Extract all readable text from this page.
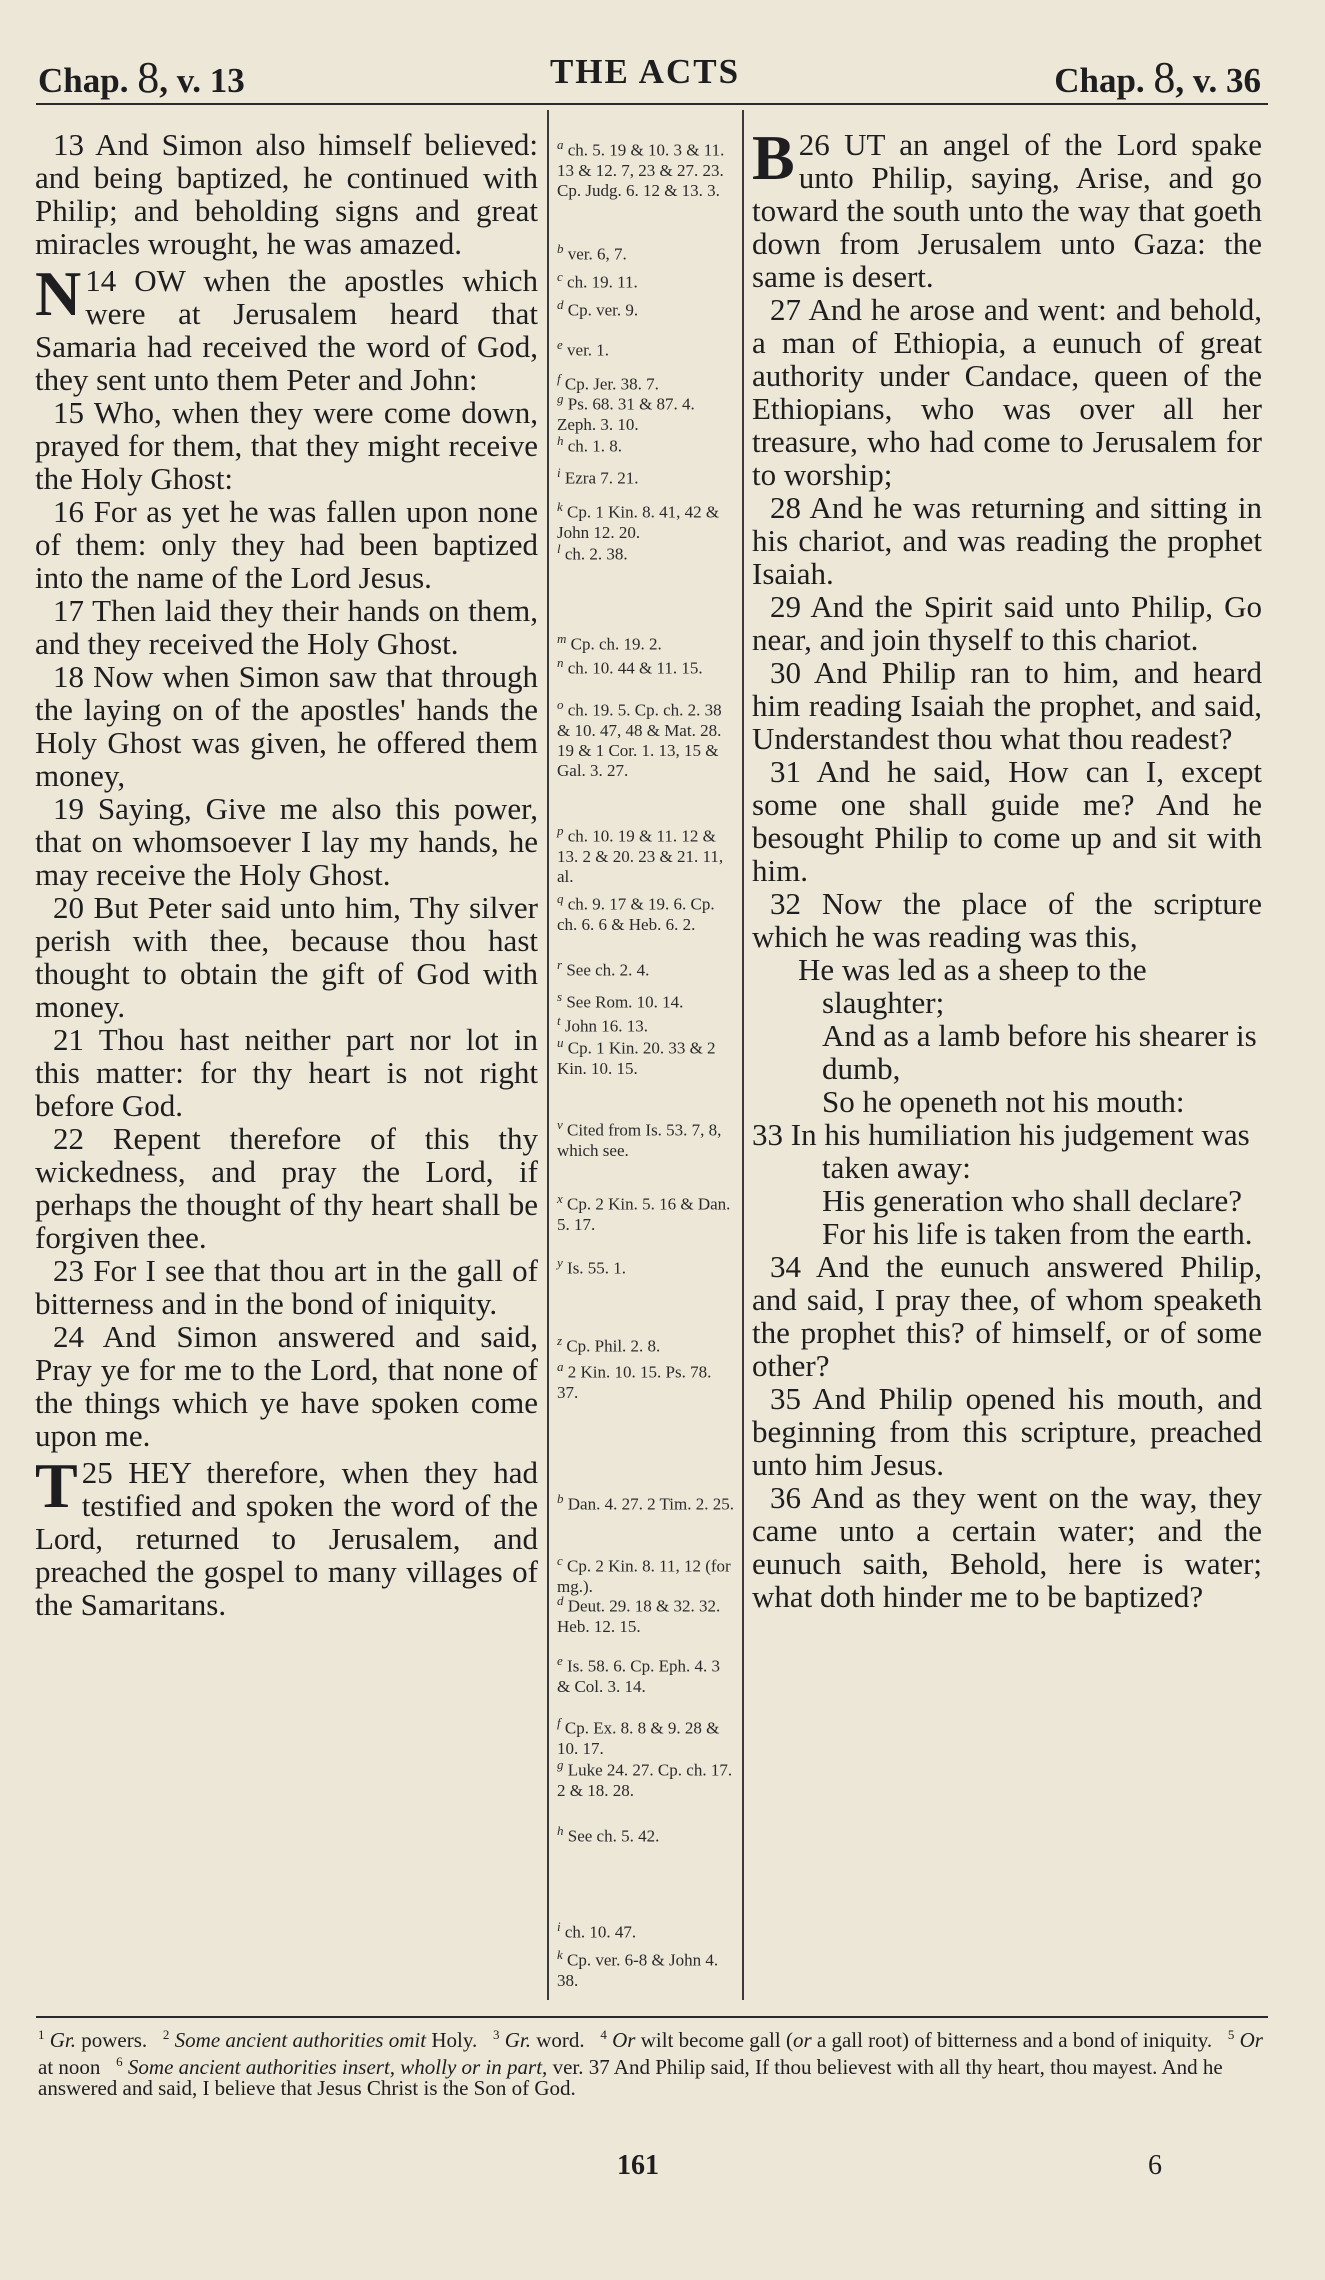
Chap. 8, v. 13	THE ACTS	Chap. 8, v. 36

13 And Simon also himself believed: and being baptized, he continued with Philip; and beholding signs and great miracles wrought, he was amazed.

14
N OW when the apostles which were at Jerusalem heard that Samaria had received the word of God, they sent unto them Peter and John:

15 Who, when they were come down, prayed for them, that they might receive the Holy Ghost:

16 For as yet he was fallen upon none of them: only they had been baptized into the name of the Lord Jesus.

17 Then laid they their hands on them, and they received the Holy Ghost.

18 Now when Simon saw that through the laying on of the apostles' hands the Holy Ghost was given, he offered them money,

19 Saying, Give me also this power, that on whomsoever I lay my hands, he may receive the Holy Ghost.

20 But Peter said unto him, Thy silver perish with thee, because thou hast thought to obtain the gift of God with money.

21 Thou hast neither part nor lot in this matter: for thy heart is not right before God.

22 Repent therefore of this thy wickedness, and pray the Lord, if perhaps the thought of thy heart shall be forgiven thee.

23 For I see that thou art in the gall of bitterness and in the bond of iniquity.

24 And Simon answered and said, Pray ye for me to the Lord, that none of the things which ye have spoken come upon me.

25
T HEY therefore, when they had testified and spoken the word of the Lord, returned to Jerusalem, and preached the gospel to many villages of the Samaritans.

$^a$ ch. 5. 19 & 10. 3 & 11. 13 & 12. 7, 23 & 27. 23. Cp. Judg. 6. 12 & 13. 3.
$^b$ ver. 6, 7.
$^c$ ch. 19. 11.
$^d$ Cp. ver. 9.
$^e$ ver. 1.
$^f$ Cp. Jer. 38. 7.
$^g$ Ps. 68. 31 & 87. 4. Zeph. 3. 10.
$^h$ ch. 1. 8.
$^i$ Ezra 7. 21.
$^k$ Cp. 1 Kin. 8. 41, 42 & John 12. 20.
$^l$ ch. 2. 38.
$^m$ Cp. ch. 19. 2.
$^n$ ch. 10. 44 & 11. 15.
$^o$ ch. 19. 5. Cp. ch. 2. 38 & 10. 47, 48 & Mat. 28. 19 & 1 Cor. 1. 13, 15 & Gal. 3. 27.
$^p$ ch. 10. 19 & 11. 12 & 13. 2 & 20. 23 & 21. 11, al.
$^q$ ch. 9. 17 & 19. 6. Cp. ch. 6. 6 & Heb. 6. 2.
$^r$ See ch. 2. 4.
$^s$ See Rom. 10. 14.
$^t$ John 16. 13.
$^u$ Cp. 1 Kin. 20. 33 & 2 Kin. 10. 15.
$^v$ Cited from Is. 53. 7, 8, which see.
$^x$ Cp. 2 Kin. 5. 16 & Dan. 5. 17.
$^y$ Is. 55. 1.
$^z$ Cp. Phil. 2. 8.
$^a$ 2 Kin. 10. 15. Ps. 78. 37.
$^b$ Dan. 4. 27. 2 Tim. 2. 25.
$^c$ Cp. 2 Kin. 8. 11, 12 (for mg.).
$^d$ Deut. 29. 18 & 32. 32. Heb. 12. 15.
$^e$ Is. 58. 6. Cp. Eph. 4. 3 & Col. 3. 14.
$^f$ Cp. Ex. 8. 8 & 9. 28 & 10. 17.
$^g$ Luke 24. 27. Cp. ch. 17. 2 & 18. 28.
$^h$ See ch. 5. 42.
$^i$ ch. 10. 47.
$^k$ Cp. ver. 6-8 & John 4. 38.

26
B UT an angel of the Lord spake unto Philip, saying, Arise, and go toward the south unto the way that goeth down from Jerusalem unto Gaza: the same is desert.

27 And he arose and went: and behold, a man of Ethiopia, a eunuch of great authority under Candace, queen of the Ethiopians, who was over all her treasure, who had come to Jerusalem for to worship;

28 And he was returning and sitting in his chariot, and was reading the prophet Isaiah.

29 And the Spirit said unto Philip, Go near, and join thyself to this chariot.

30 And Philip ran to him, and heard him reading Isaiah the prophet, and said, Understandest thou what thou readest?

31 And he said, How can I, except some one shall guide me? And he besought Philip to come up and sit with him.

32 Now the place of the scripture which he was reading was this,

He was led as a sheep to the slaughter;

And as a lamb before his shearer is dumb,

So he openeth not his mouth:

33 In his humiliation his judgement was taken away:

His generation who shall declare?

For his life is taken from the earth.

34 And the eunuch answered Philip, and said, I pray thee, of whom speaketh the prophet this? of himself, or of some other?

35 And Philip opened his mouth, and beginning from this scripture, preached unto him Jesus.

36 And as they went on the way, they came unto a certain water; and the eunuch saith, Behold, here is water; what doth hinder me to be baptized?

$^1$ Gr. powers. $^2$ Some ancient authorities omit Holy. $^3$ Gr. word. $^4$ Or wilt become gall (or a gall root) of bitterness and a bond of iniquity. $^5$ Or at noon $^6$ Some ancient authorities insert, wholly or in part, ver. 37 And Philip said, If thou believest with all thy heart, thou mayest. And he answered and said, I believe that Jesus Christ is the Son of God.
161	6
